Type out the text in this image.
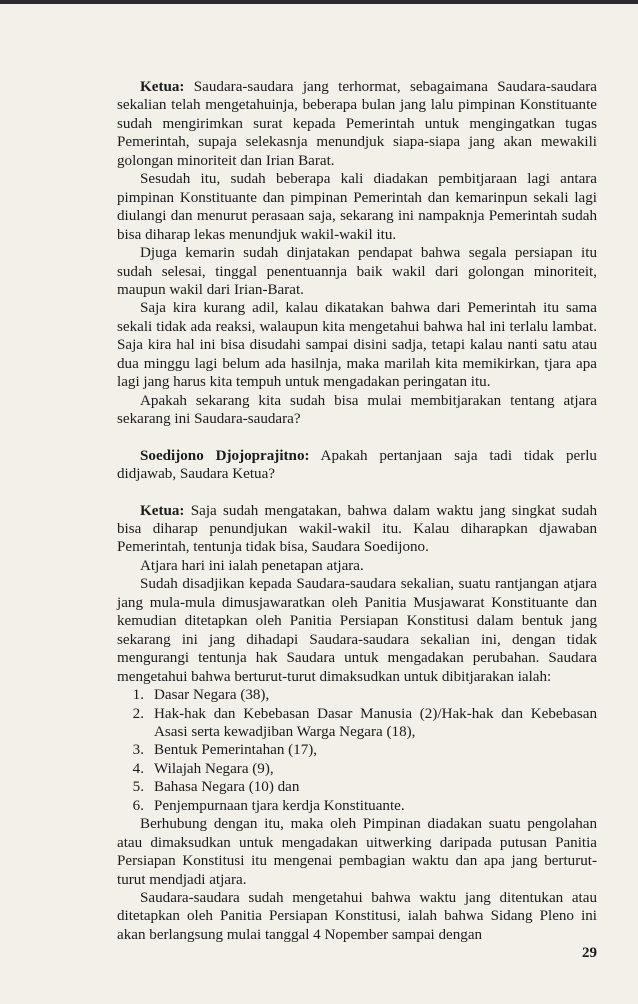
Ketua: Saudara-saudara jang terhormat, sebagaimana Saudara-saudara sekalian telah mengetahuinja, beberapa bulan jang lalu pimpinan Konstituante sudah mengirimkan surat kepada Pemerintah untuk mengingatkan tugas Pemerintah, supaja selekasnja menundjuk siapa-siapa jang akan mewakili golongan minoriteit dan Irian Barat.

Sesudah itu, sudah beberapa kali diadakan pembitjaraan lagi antara pimpinan Konstituante dan pimpinan Pemerintah dan kemarinpun sekali lagi diulangi dan menurut perasaan saja, sekarang ini nampaknja Pemerintah sudah bisa diharap lekas menundjuk wakil-wakil itu.

Djuga kemarin sudah dinjatakan pendapat bahwa segala persiapan itu sudah selesai, tinggal penentuannja baik wakil dari golongan minoriteit, maupun wakil dari Irian-Barat.

Saja kira kurang adil, kalau dikatakan bahwa dari Pemerintah itu sama sekali tidak ada reaksi, walaupun kita mengetahui bahwa hal ini terlalu lambat. Saja kira hal ini bisa disudahi sampai disini sadja, tetapi kalau nanti satu atau dua minggu lagi belum ada hasilnja, maka marilah kita memikirkan, tjara apa lagi jang harus kita tempuh untuk mengadakan peringatan itu.

Apakah sekarang kita sudah bisa mulai membitjarakan tentang atjara sekarang ini Saudara-saudara?

Soedijono Djojoprajitno: Apakah pertanjaan saja tadi tidak perlu didjawab, Saudara Ketua?

Ketua: Saja sudah mengatakan, bahwa dalam waktu jang singkat sudah bisa diharap penundjukan wakil-wakil itu. Kalau diharapkan djawaban Pemerintah, tentunja tidak bisa, Saudara Soedijono.

Atjara hari ini ialah penetapan atjara.

Sudah disadjikan kepada Saudara-saudara sekalian, suatu rantjangan atjara jang mula-mula dimusjawaratkan oleh Panitia Musjawarat Konstituante dan kemudian ditetapkan oleh Panitia Persiapan Konstitusi dalam bentuk jang sekarang ini jang dihadapi Saudara-saudara sekalian ini, dengan tidak mengurangi tentunja hak Saudara untuk mengadakan perubahan. Saudara mengetahui bahwa berturut-turut dimaksudkan untuk dibitjarakan ialah:

1. Dasar Negara (38),
2. Hak-hak dan Kebebasan Dasar Manusia (2)/Hak-hak dan Kebebasan Asasi serta kewadjiban Warga Negara (18),
3. Bentuk Pemerintahan (17),
4. Wilajah Negara (9),
5. Bahasa Negara (10) dan
6. Penjempurnaan tjara kerdja Konstituante.

Berhubung dengan itu, maka oleh Pimpinan diadakan suatu pengolahan atau dimaksudkan untuk mengadakan uitwerking daripada putusan Panitia Persiapan Konstitusi itu mengenai pembagian waktu dan apa jang berturut-turut mendjadi atjara.

Saudara-saudara sudah mengetahui bahwa waktu jang ditentukan atau ditetapkan oleh Panitia Persiapan Konstitusi, ialah bahwa Sidang Pleno ini akan berlangsung mulai tanggal 4 Nopember sampai dengan

29
